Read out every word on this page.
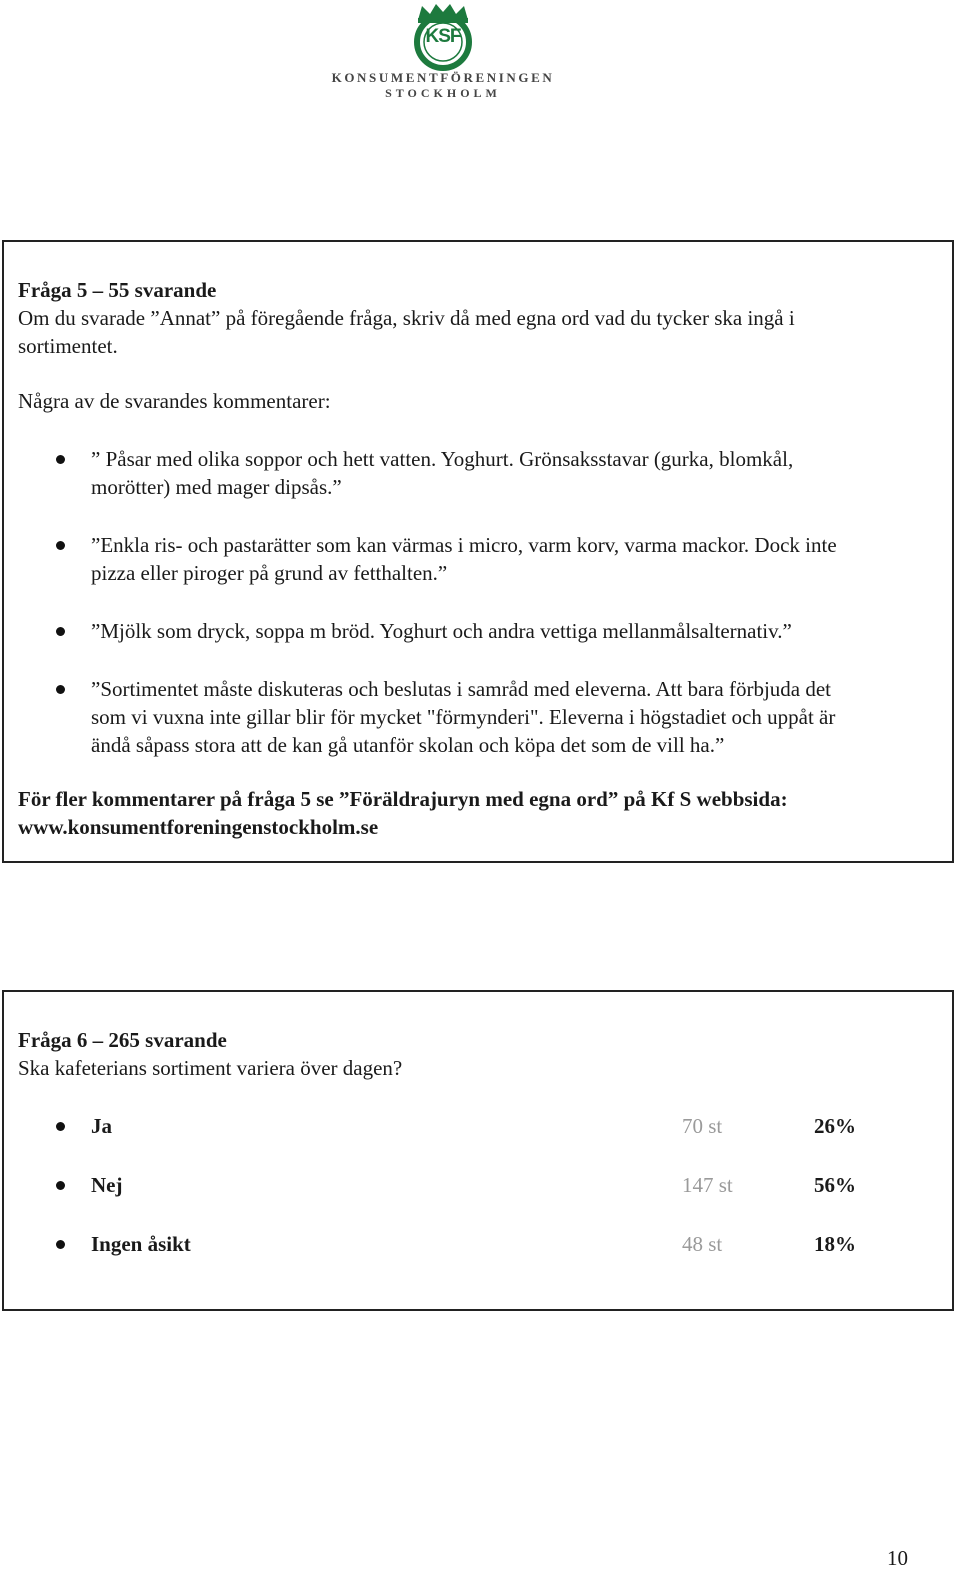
KSF
KONSUMENTFÖRENINGEN
STOCKHOLM
Fråga 5 – 55 svarande
Om du svarade ”Annat” på föregående fråga, skriv då med egna ord vad du tycker ska ingå i
sortimentet.
Några av de svarandes kommentarer:
” Påsar med olika soppor och hett vatten. Yoghurt. Grönsaksstavar (gurka, blomkål,
morötter) med mager dipsås.”
”Enkla ris- och pastarätter som kan värmas i micro, varm korv, varma mackor. Dock inte
pizza eller piroger på grund av fetthalten.”
”Mjölk som dryck, soppa m bröd. Yoghurt och andra vettiga mellanmålsalternativ.”
”Sortimentet måste diskuteras och beslutas i samråd med eleverna. Att bara förbjuda det
som vi vuxna inte gillar blir för mycket "förmynderi". Eleverna i högstadiet och uppåt är
ändå såpass stora att de kan gå utanför skolan och köpa det som de vill ha.”
För fler kommentarer på fråga 5 se ”Föräldrajuryn med egna ord” på Kf S webbsida:
www.konsumentforeningenstockholm.se
Fråga 6 – 265 svarande
Ska kafeterians sortiment variera över dagen?
Ja	70 st	26%
Nej	147 st	56%
Ingen åsikt	48 st	18%
10
